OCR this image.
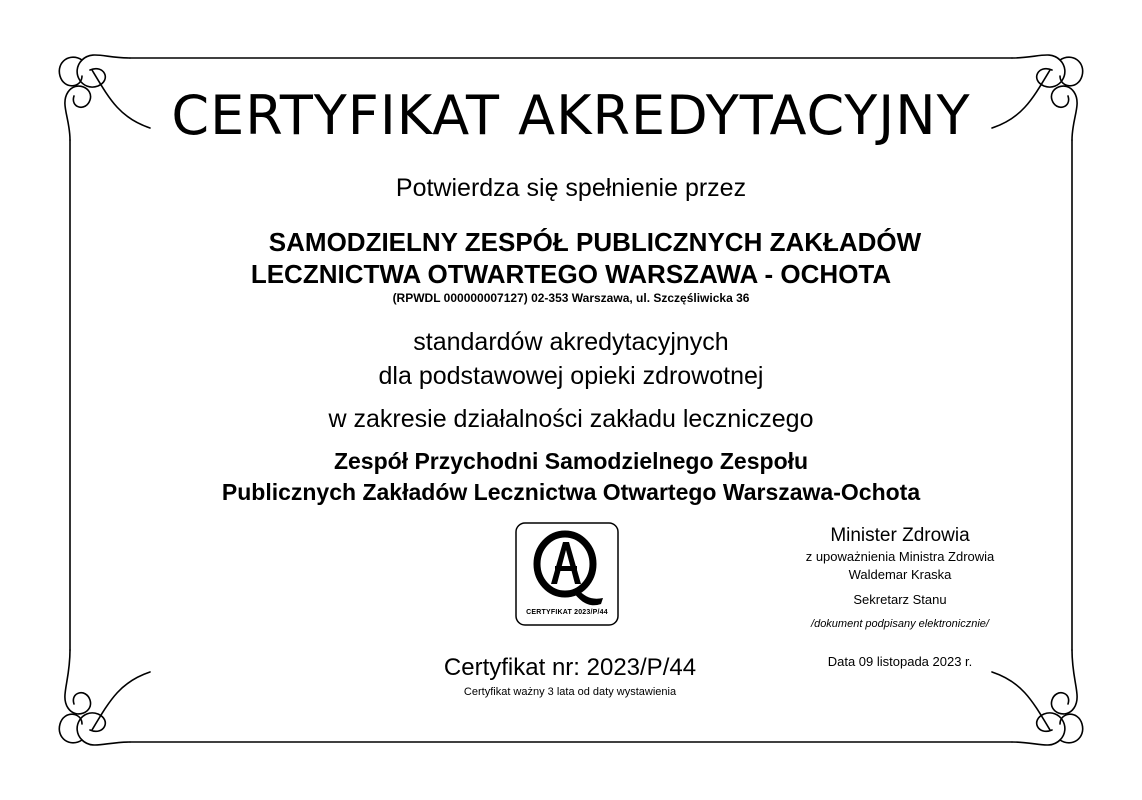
CERTYFIKAT AKREDYTACYJNY
Potwierdza się spełnienie przez
SAMODZIELNY ZESPÓŁ PUBLICZNYCH ZAKŁADÓW
LECZNICTWA OTWARTEGO WARSZAWA - OCHOTA
(RPWDL 000000007127) 02-353 Warszawa, ul. Szczęśliwicka 36
standardów akredytacyjnych
dla podstawowej opieki zdrowotnej
w zakresie działalności zakładu leczniczego
Zespół Przychodni Samodzielnego Zespołu
Publicznych Zakładów Lecznictwa Otwartego Warszawa-Ochota
CERTYFIKAT 2023/P/44
Certyfikat nr: 2023/P/44
Certyfikat ważny 3 lata od daty wystawienia
Minister Zdrowia
z upoważnienia Ministra Zdrowia
Waldemar Kraska
Sekretarz Stanu
/dokument podpisany elektronicznie/
Data 09 listopada 2023 r.
